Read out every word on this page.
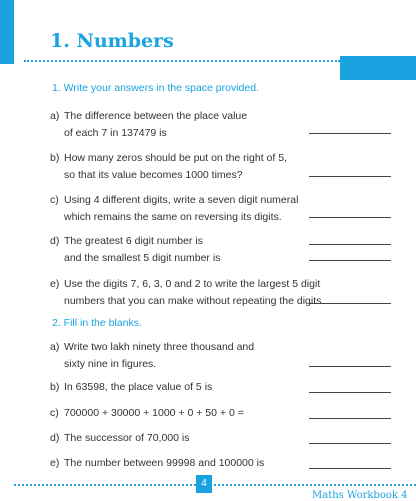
1. Numbers
1. Write your answers in the space provided.
a) The difference between the place value
of each 7 in 137479 is
b) How many zeros should be put on the right of 5,
so that its value becomes 1000 times?
c) Using 4 different digits, write a seven digit numeral
which remains the same on reversing its digits.
d) The greatest 6 digit number is
and the smallest 5 digit number is
e) Use the digits 7, 6, 3, 0 and 2 to write the largest 5 digit
numbers that you can make without repeating the digits.
2. Fill in the blanks.
a) Write two lakh ninety three thousand and
sixty nine in figures.
b) In 63598, the place value of 5 is
c) 700000 + 30000 + 1000 + 0 + 50 + 0 =
d) The successor of 70,000 is
e) The number between 99998 and 100000 is
4
Maths Workbook 4
